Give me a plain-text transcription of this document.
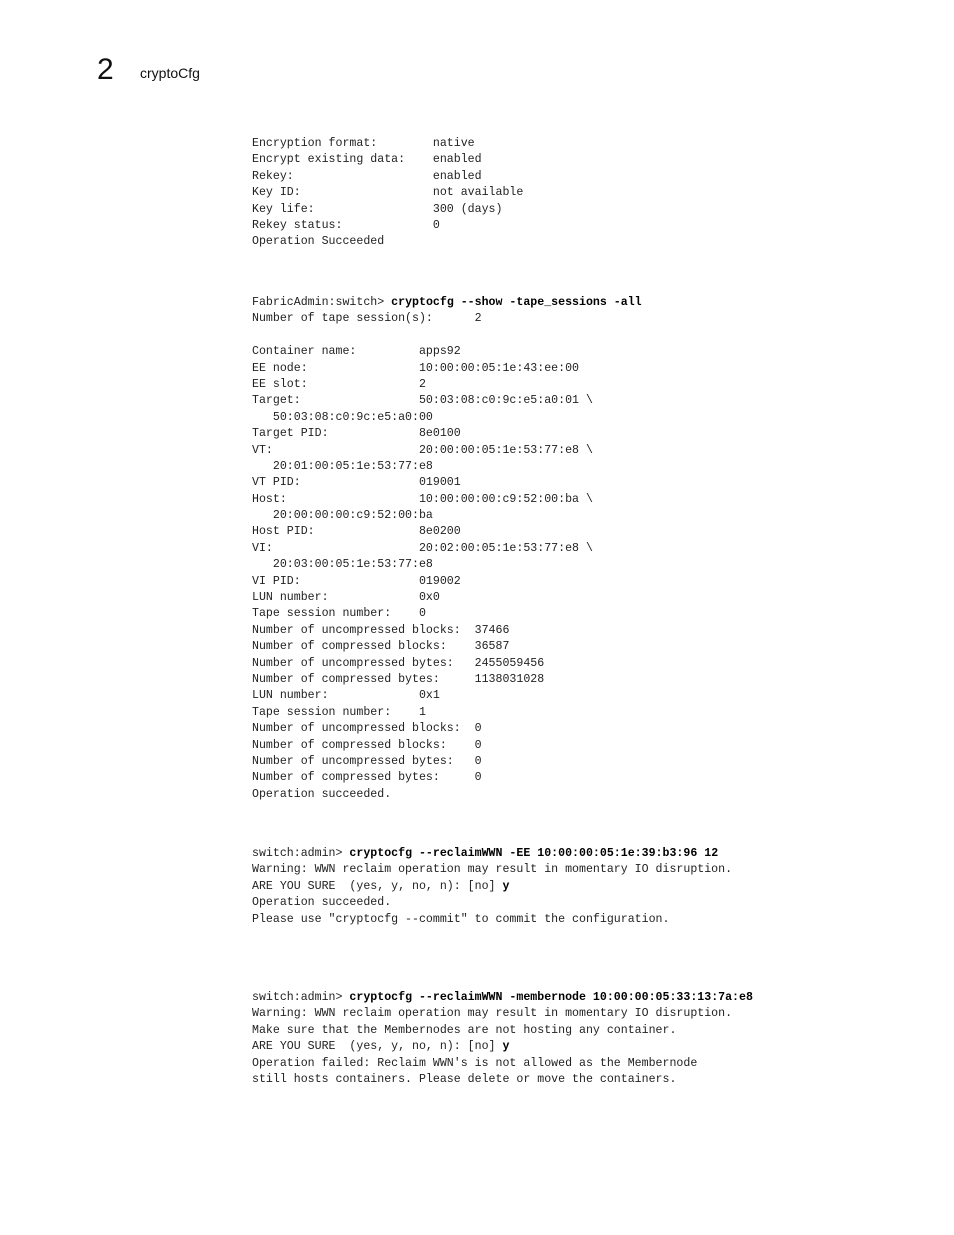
2 cryptoCfg
Encryption format:        native
Encrypt existing data:    enabled
Rekey:                    enabled
Key ID:                   not available
Key life:                 300 (days)
Rekey status:             0
Operation Succeeded
FabricAdmin:switch> cryptocfg --show -tape_sessions -all
Number of tape session(s):      2
Container name:         apps92
EE node:                10:00:00:05:1e:43:ee:00
EE slot:                2
Target:                 50:03:08:c0:9c:e5:a0:01 \
50:03:08:c0:9c:e5:a0:00
Target PID:             8e0100
VT:                     20:00:00:05:1e:53:77:e8 \
20:01:00:05:1e:53:77:e8
VT PID:                 019001
Host:                   10:00:00:00:c9:52:00:ba \
20:00:00:00:c9:52:00:ba
Host PID:               8e0200
VI:                     20:02:00:05:1e:53:77:e8 \
20:03:00:05:1e:53:77:e8
VI PID:                 019002
LUN number:             0x0
Tape session number:    0
Number of uncompressed blocks:  37466
Number of compressed blocks:    36587
Number of uncompressed bytes:   2455059456
Number of compressed bytes:     1138031028
LUN number:             0x1
Tape session number:    1
Number of uncompressed blocks:  0
Number of compressed blocks:    0
Number of uncompressed bytes:   0
Number of compressed bytes:     0
Operation succeeded.
switch:admin> cryptocfg --reclaimWWN -EE 10:00:00:05:1e:39:b3:96 12
Warning: WWN reclaim operation may result in momentary IO disruption.
ARE YOU SURE  (yes, y, no, n): [no] y
Operation succeeded.
Please use "cryptocfg --commit" to commit the configuration.
switch:admin> cryptocfg --reclaimWWN -membernode 10:00:00:05:33:13:7a:e8
Warning: WWN reclaim operation may result in momentary IO disruption.
Make sure that the Membernodes are not hosting any container.
ARE YOU SURE  (yes, y, no, n): [no] y
Operation failed: Reclaim WWN's is not allowed as the Membernode
still hosts containers. Please delete or move the containers.
